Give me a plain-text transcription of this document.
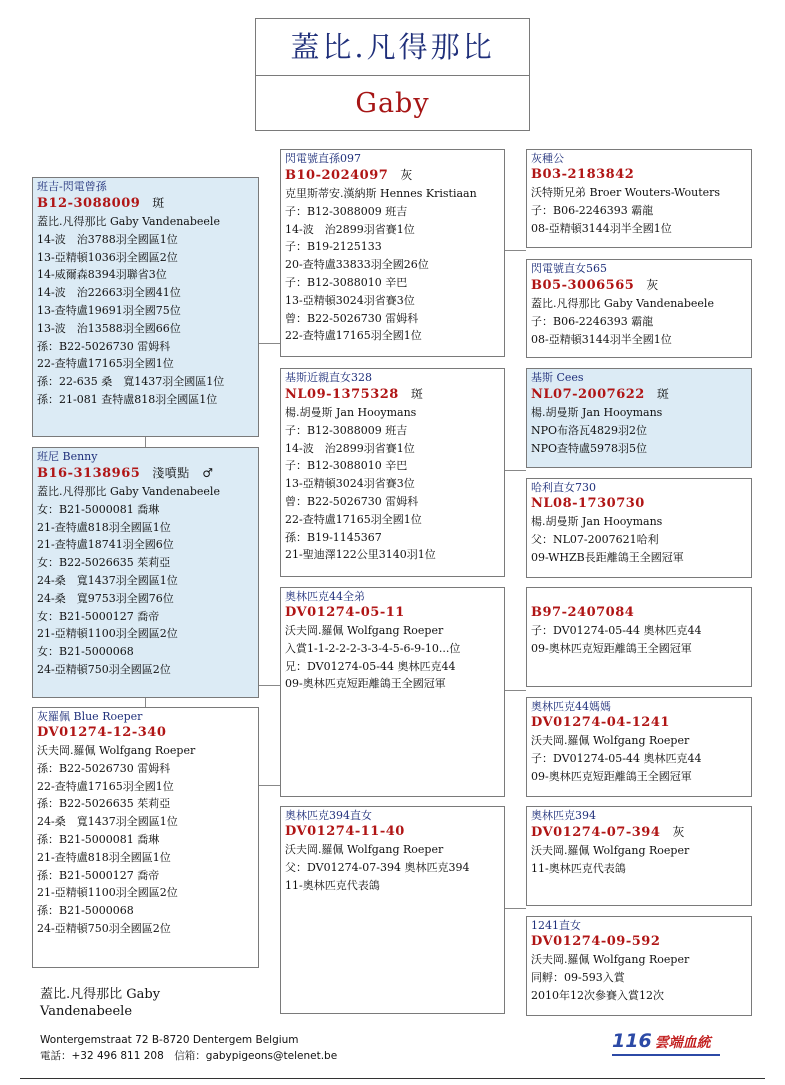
蓋比.凡得那比
Gaby
班吉-閃電曾孫
B12-3088009 斑
蓋比.凡得那比 Gaby Vandenabeele
14-波　治3788羽全國區1位
13-亞精頓1036羽全國區2位
14-威爾森8394羽聯省3位
14-波　治22663羽全國41位
13-查特盧19691羽全國75位
13-波　治13588羽全國66位
孫：B22-5026730 雷姆科
22-查特盧17165羽全國1位
孫：22-635 桑　寬1437羽全國區1位
孫：21-081 查特盧818羽全國區1位
班尼 Benny
B16-3138965 淺噴點　♂
蓋比.凡得那比 Gaby Vandenabeele
女：B21-5000081 喬琳
21-查特盧818羽全國區1位
21-查特盧18741羽全國6位
女：B22-5026635 茱莉亞
24-桑　寬1437羽全國區1位
24-桑　寬9753羽全國76位
女：B21-5000127 喬帝
21-亞精頓1100羽全國區2位
女：B21-5000068
24-亞精頓750羽全國區2位
灰羅佩 Blue Roeper
DV01274-12-340
沃夫岡.羅佩 Wolfgang Roeper
孫：B22-5026730 雷姆科
22-查特盧17165羽全國1位
孫：B22-5026635 茱莉亞
24-桑　寬1437羽全國區1位
孫：B21-5000081 喬琳
21-查特盧818羽全國區1位
孫：B21-5000127 喬帝
21-亞精頓1100羽全國區2位
孫：B21-5000068
24-亞精頓750羽全國區2位
閃電號直孫097
B10-2024097 灰
克里斯蒂安.漢納斯 Hennes Kristiaan
子：B12-3088009 班吉
14-波　治2899羽省賽1位
子：B19-2125133
20-查特盧33833羽全國26位
子：B12-3088010 辛巴
13-亞精頓3024羽省賽3位
曾：B22-5026730 雷姆科
22-查特盧17165羽全國1位
基斯近親直女328
NL09-1375328 斑
楊.胡曼斯 Jan Hooymans
子：B12-3088009 班吉
14-波　治2899羽省賽1位
子：B12-3088010 辛巴
13-亞精頓3024羽省賽3位
曾：B22-5026730 雷姆科
22-查特盧17165羽全國1位
孫：B19-1145367
21-聖迪澤122公里3140羽1位
奧林匹克44全弟
DV01274-05-11
沃夫岡.羅佩 Wolfgang Roeper
入賞1-1-2-2-2-3-3-4-5-6-9-10...位
兄：DV01274-05-44 奧林匹克44
09-奧林匹克短距離鴿王全國冠軍
奧林匹克394直女
DV01274-11-40
沃夫岡.羅佩 Wolfgang Roeper
父：DV01274-07-394 奧林匹克394
11-奧林匹克代表鴿
灰種公
B03-2183842
沃特斯兄弟 Broer Wouters-Wouters
子：B06-2246393 霸龍
08-亞精頓3144羽半全國1位
閃電號直女565
B05-3006565 灰
蓋比.凡得那比 Gaby Vandenabeele
子：B06-2246393 霸龍
08-亞精頓3144羽半全國1位
基斯 Cees
NL07-2007622 斑
楊.胡曼斯 Jan Hooymans
NPO布洛瓦4829羽2位
NPO查特盧5978羽5位
哈利直女730
NL08-1730730
楊.胡曼斯 Jan Hooymans
父：NL07-2007621哈利
09-WHZB長距離鴿王全國冠軍

B97-2407084
子：DV01274-05-44 奧林匹克44
09-奧林匹克短距離鴿王全國冠軍
奧林匹克44媽媽
DV01274-04-1241
沃夫岡.羅佩 Wolfgang Roeper
子：DV01274-05-44 奧林匹克44
09-奧林匹克短距離鴿王全國冠軍
奧林匹克394
DV01274-07-394 灰
沃夫岡.羅佩 Wolfgang Roeper
11-奧林匹克代表鴿
1241直女
DV01274-09-592
沃夫岡.羅佩 Wolfgang Roeper
同孵：09-593入賞
2010年12次參賽入賞12次
蓋比.凡得那比 Gaby
Vandenabeele
Wontergemstraat 72 B-8720 Dentergem Belgium
電話：+32 496 811 208　信箱：gabypigeons@telenet.be
116 雲端血統
